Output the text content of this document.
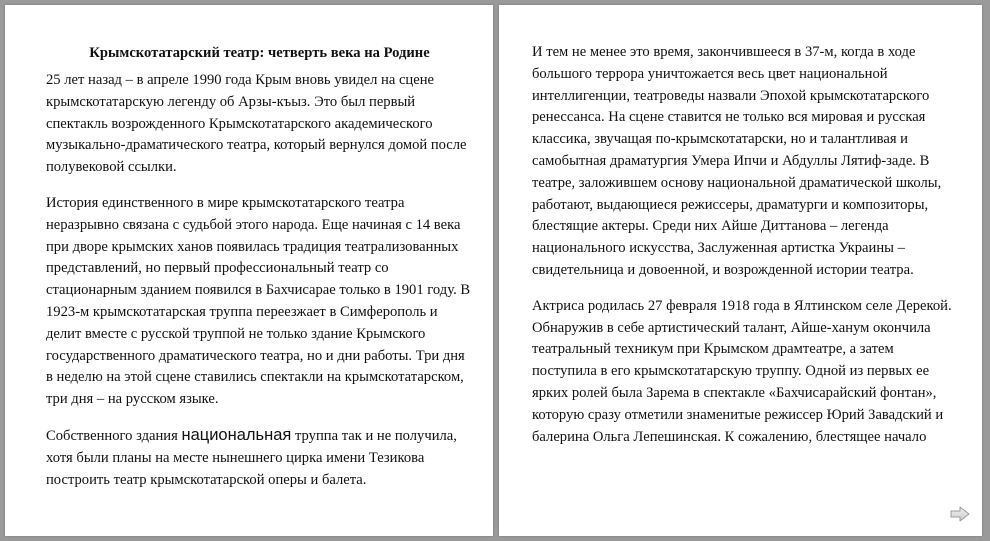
Крымскотатарский театр: четверть века на Родине

25 лет назад – в апреле 1990 года Крым вновь увидел на сцене крымскотатарскую легенду об Арзы-къыз. Это был первый спектакль возрожденного Крымскотатарского академического музыкально-драматического театра, который вернулся домой после полувековой ссылки.

История единственного в мире крымскотатарского театра неразрывно связана с судьбой этого народа. Еще начиная с 14 века при дворе крымских ханов появилась традиция театрализованных представлений, но первый профессиональный театр со стационарным зданием появился в Бахчисарае только в 1901 году. В 1923-м крымскотатарская труппа переезжает в Симферополь и делит вместе с русской труппой не только здание Крымского государственного драматического театра, но и дни работы. Три дня в неделю на этой сцене ставились спектакли на крымскотатарском, три дня – на русском языке.

Собственного здания национальная труппа так и не получила, хотя были планы на месте нынешнего цирка имени Тезикова построить театр крымскотатарской оперы и балета.

И тем не менее это время, закончившееся в 37-м, когда в ходе большого террора уничтожается весь цвет национальной интеллигенции, театроведы назвали Эпохой крымскотатарского ренессанса. На сцене ставится не только вся мировая и русская классика, звучащая по-крымскотатарски, но и талантливая и самобытная драматургия Умера Ипчи и Абдуллы Лятиф-заде. В театре, заложившем основу национальной драматической школы, работают, выдающиеся режиссеры, драматурги и композиторы, блестящие актеры. Среди них Айше Диттанова – легенда национального искусства, Заслуженная артистка Украины – свидетельница и довоенной, и возрожденной истории театра.

Актриса родилась 27 февраля 1918 года в Ялтинском селе Дерекой. Обнаружив в себе артистический талант, Айше-ханум окончила театральный техникум при Крымском драмтеатре, а затем поступила в его крымскотатарскую труппу. Одной из первых ее ярких ролей была Зарема в спектакле «Бахчисарайский фонтан», которую сразу отметили знаменитые режиссер Юрий Завадский и балерина Ольга Лепешинская. К сожалению, блестящее начало
